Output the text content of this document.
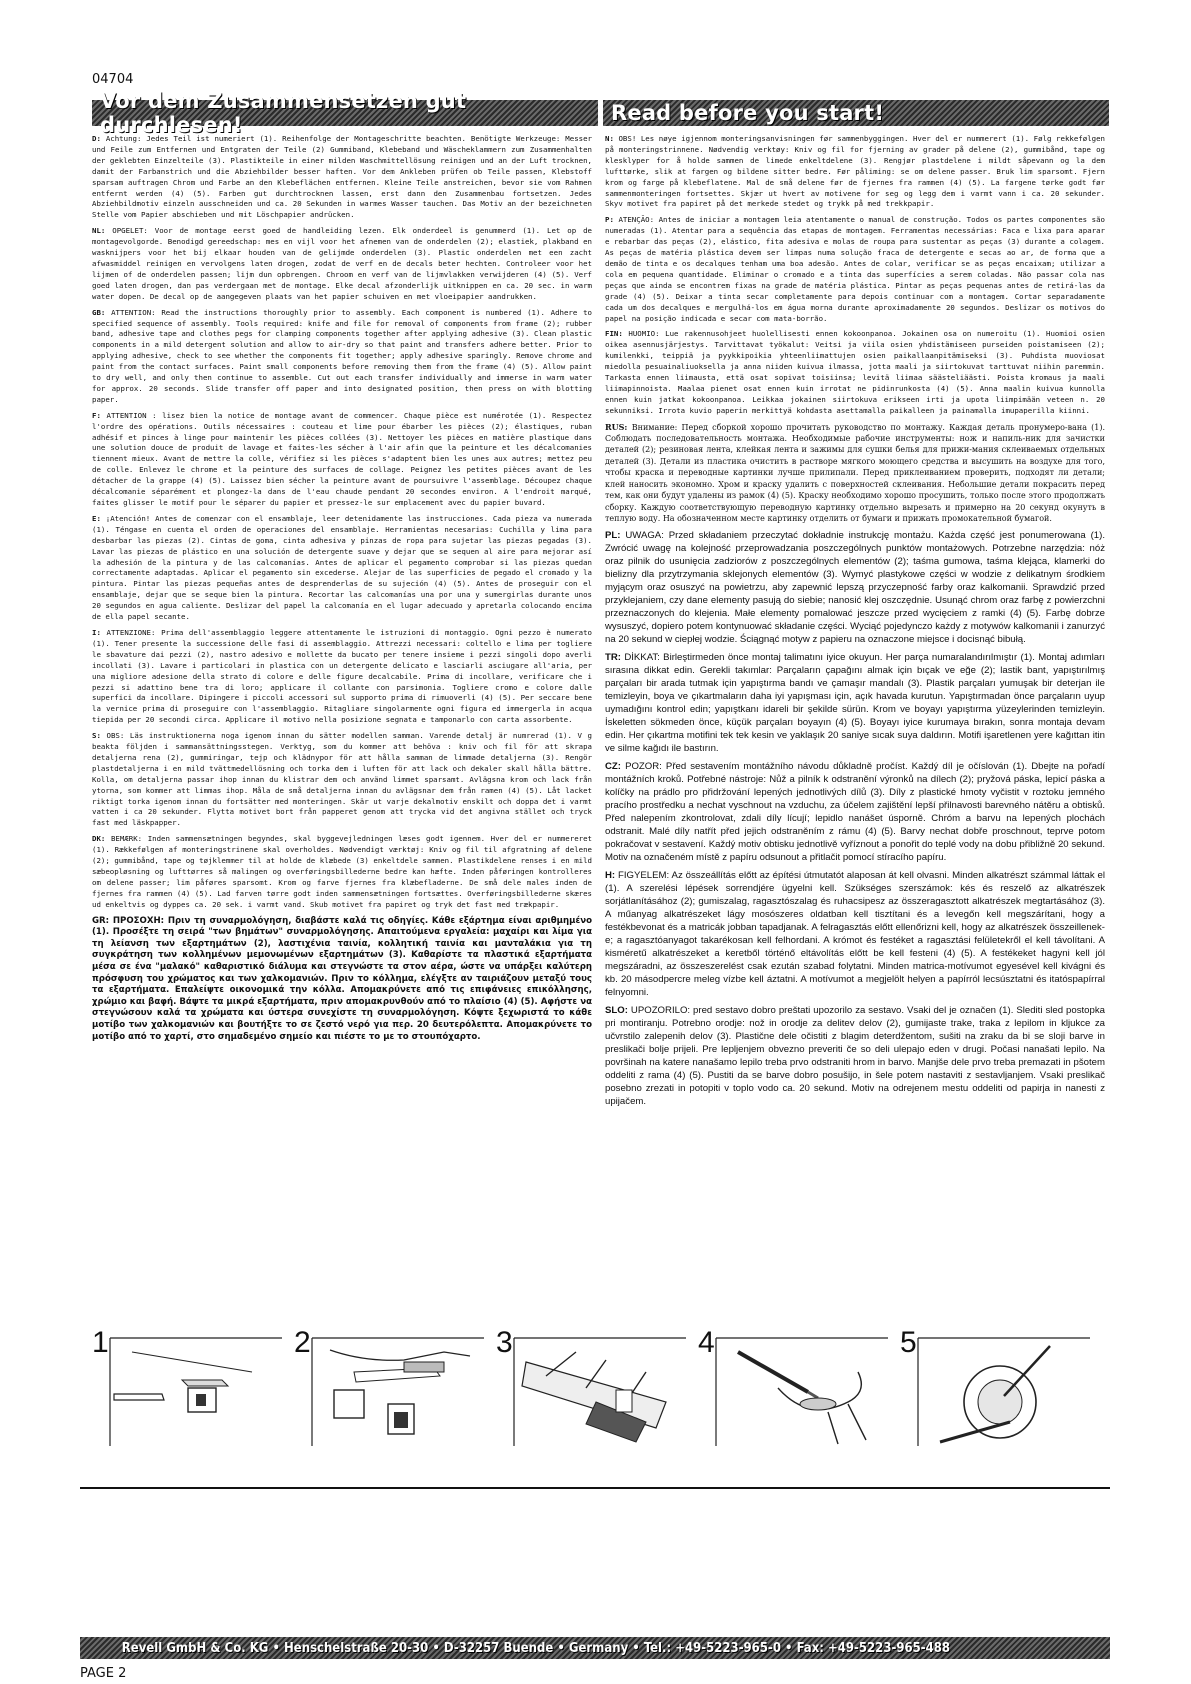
04704
Vor dem Zusammensetzen gut durchlesen!	Read before you start!

D: Achtung: Jedes Teil ist numeriert (1). Reihenfolge der Montageschritte beachten. Benötigte Werkzeuge: Messer und Feile zum Entfernen und Entgraten der Teile (2) Gummiband, Klebeband und Wäscheklammern zum Zusammenhalten der geklebten Einzelteile (3). Plastikteile in einer milden Waschmittellösung reinigen und an der Luft trocknen, damit der Farbanstrich und die Abziehbilder besser haften. Vor dem Ankleben prüfen ob Teile passen, Klebstoff sparsam auftragen Chrom und Farbe an den Klebeflächen entfernen. Kleine Teile anstreichen, bevor sie vom Rahmen entfernt werden (4) (5). Farben gut durchtrocknen lassen, erst dann den Zusammenbau fortsetzen. Jedes Abziehbildmotiv einzeln ausschneiden und ca. 20 Sekunden in warmes Wasser tauchen. Das Motiv an der bezeichneten Stelle vom Papier abschieben und mit Löschpapier andrücken.

NL: OPGELET: Voor de montage eerst goed de handleiding lezen. Elk onderdeel is genummerd (1). Let op de montagevolgorde. Benodigd gereedschap: mes en vijl voor het afnemen van de onderdelen (2); elastiek, plakband en wasknijpers voor het bij elkaar houden van de gelijmde onderdelen (3). Plastic onderdelen met een zacht afwasmiddel reinigen en vervolgens laten drogen, zodat de verf en de decals beter hechten. Controleer voor het lijmen of de onderdelen passen; lijm dun opbrengen. Chroom en verf van de lijmvlakken verwijderen (4) (5). Verf goed laten drogen, dan pas verdergaan met de montage. Elke decal afzonderlijk uitknippen en ca. 20 sec. in warm water dopen. De decal op de aangegeven plaats van het papier schuiven en met vloeipapier aandrukken.

GB: ATTENTION: Read the instructions thoroughly prior to assembly. Each component is numbered (1). Adhere to specified sequence of assembly. Tools required: knife and file for removal of components from frame (2); rubber band, adhesive tape and clothes pegs for clamping components together after applying adhesive (3). Clean plastic components in a mild detergent solution and allow to air-dry so that paint and transfers adhere better. Prior to applying adhesive, check to see whether the components fit together; apply adhesive sparingly. Remove chrome and paint from the contact surfaces. Paint small components before removing them from the frame (4) (5). Allow paint to dry well, and only then continue to assemble. Cut out each transfer individually and immerse in warm water for approx. 20 seconds. Slide transfer off paper and into designated position, then press on with blotting paper.

F: ATTENTION : lisez bien la notice de montage avant de commencer. Chaque pièce est numérotée (1). Respectez l'ordre des opérations. Outils nécessaires : couteau et lime pour ébarber les pièces (2); élastiques, ruban adhésif et pinces à linge pour maintenir les pièces collées (3). Nettoyer les pièces en matière plastique dans une solution douce de produit de lavage et faites-les sécher à l'air afin que la peinture et les décalcomanies tiennent mieux. Avant de mettre la colle, vérifiez si les pièces s'adaptent bien les unes aux autres; mettez peu de colle. Enlevez le chrome et la peinture des surfaces de collage. Peignez les petites pièces avant de les détacher de la grappe (4) (5). Laissez bien sécher la peinture avant de poursuivre l'assemblage. Découpez chaque décalcomanie séparément et plongez-la dans de l'eau chaude pendant 20 secondes environ. A l'endroit marqué, faites glisser le motif pour le séparer du papier et pressez-le sur emplacement avec du papier buvard.

E: ¡Atención! Antes de comenzar con el ensamblaje, leer detenidamente las instrucciones. Cada pieza va numerada (1). Téngase en cuenta el orden de operaciones del ensamblaje. Herramientas necesarias: Cuchilla y lima para desbarbar las piezas (2). Cintas de goma, cinta adhesiva y pinzas de ropa para sujetar las piezas pegadas (3). Lavar las piezas de plástico en una solución de detergente suave y dejar que se sequen al aire para mejorar así la adhesión de la pintura y de las calcomanías. Antes de aplicar el pegamento comprobar si las piezas quedan correctamente adaptadas. Aplicar el pegamento sin excederse. Alejar de las superficies de pegado el cromado y la pintura. Pintar las piezas pequeñas antes de desprenderlas de su sujeción (4) (5). Antes de proseguir con el ensamblaje, dejar que se seque bien la pintura. Recortar las calcomanías una por una y sumergirlas durante unos 20 segundos en agua caliente. Deslizar del papel la calcomanía en el lugar adecuado y apretarla colocando encima de ella papel secante.

I: ATTENZIONE: Prima dell'assemblaggio leggere attentamente le istruzioni di montaggio. Ogni pezzo è numerato (1). Tener presente la successione delle fasi di assemblaggio. Attrezzi necessari: coltello e lima per togliere le sbavature dai pezzi (2), nastro adesivo e mollette da bucato per tenere insieme i pezzi singoli dopo averli incollati (3). Lavare i particolari in plastica con un detergente delicato e lasciarli asciugare all'aria, per una migliore adesione della strato di colore e delle figure decalcabile. Prima di incollare, verificare che i pezzi si adattino bene tra di loro; applicare il collante con parsimonia. Togliere cromo e colore dalle superfici da incollare. Dipingere i piccoli accessori sul supporto prima di rimuoverli (4) (5). Per seccare bene la vernice prima di proseguire con l'assemblaggio. Ritagliare singolarmente ogni figura ed immergerla in acqua tiepida per 20 secondi circa. Applicare il motivo nella posizione segnata e tamponarlo con carta assorbente.

S: OBS: Läs instruktionerna noga igenom innan du sätter modellen samman. Varende detalj är numrerad (1). V g beakta följden i sammansättningsstegen. Verktyg, som du kommer att behöva : kniv och fil för att skrapa detaljerna rena (2), gummiringar, tejp och klädnypor för att hålla samman de limmade detaljerna (3). Rengör plastdetaljerna i en mild tvättmedellösning och torka dem i luften för att lack och dekaler skall hålla bättre. Kolla, om detaljerna passar ihop innan du klistrar dem och använd limmet sparsamt. Avlägsna krom och lack från ytorna, som kommer att limmas ihop. Måla de små detaljerna innan du avlägsnar dem från ramen (4) (5). Låt lacket riktigt torka igenom innan du fortsätter med monteringen. Skär ut varje dekalmotiv enskilt och doppa det i varmt vatten i ca 20 sekunder. Flytta motivet bort från papperet genom att trycka vid det angivna stället och tryck fast med läskpapper.

DK: BEMÆRK: Inden sammensætningen begyndes, skal byggevejledningen læses godt igennem. Hver del er nummereret (1). Rækkefølgen af monteringstrinene skal overholdes. Nødvendigt værktøj: Kniv og fil til afgratning af delene (2); gummibånd, tape og tøjklemmer til at holde de klæbede (3) enkeltdele sammen. Plastikdelene renses i en mild sæbeopløsning og lufttørres så malingen og overføringsbillederne bedre kan hæfte. Inden påføringen kontrolleres om delene passer; lim påføres sparsomt. Krom og farve fjernes fra klæbefladerne. De små dele males inden de fjernes fra rammen (4) (5). Lad farven tørre godt inden sammensætningen fortsættes. Overføringsbillederne skæres ud enkeltvis og dyppes ca. 20 sek. i varmt vand. Skub motivet fra papiret og tryk det fast med trækpapir.

GR: ΠΡΟΣΟΧΗ: Πριν τη συναρμολόγηση, διαβάστε καλά τις οδηγίες. Κάθε εξάρτημα είναι αριθμημένο (1). Προσέξτε τη σειρά "των βημάτων" συναρμολόγησης. Απαιτούμενα εργαλεία: μαχαίρι και λίμα για τη λείανση των εξαρτημάτων (2), λαστιχένια ταινία, κολλητική ταινία και μανταλάκια για τη συγκράτηση των κολλημένων μεμονωμένων εξαρτημάτων (3). Καθαρίστε τα πλαστικά εξαρτήματα μέσα σε ένα "μαλακό" καθαριστικό διάλυμα και στεγνώστε τα στον αέρα, ώστε να υπάρξει καλύτερη πρόσφυση του χρώματος και των χαλκομανιών. Πριν το κόλλημα, ελέγξτε αν ταιριάζουν μεταξύ τους τα εξαρτήματα. Επαλείψτε οικονομικά την κόλλα. Απομακρύνετε από τις επιφάνειες επικόλλησης, χρώμιο και βαφή. Βάψτε τα μικρά εξαρτήματα, πριν απομακρυνθούν από το πλαίσιο (4) (5). Αφήστε να στεγνώσουν καλά τα χρώματα και ύστερα συνεχίστε τη συναρμολόγηση. Κόψτε ξεχωριστά το κάθε μοτίβο των χαλκομανιών και βουτήξτε το σε ζεστό νερό για περ. 20 δευτερόλεπτα. Απομακρύνετε το μοτίβο από το χαρτί, στο σημαδεμένο σημείο και πιέστε το με το στουπόχαρτο.

N: OBS! Les nøye igjennom monteringsanvisningen før sammenbyggingen. Hver del er nummerert (1). Følg rekkefølgen på monteringstrinnene. Nødvendig verktøy: Kniv og fil for fjerning av grader på delene (2), gummibånd, tape og klesklyper for å holde sammen de limede enkeltdelene (3). Rengjør plastdelene i mildt såpevann og la dem lufttørke, slik at fargen og bildene sitter bedre. Før påliming: se om delene passer. Bruk lim sparsomt. Fjern krom og farge på klebeflatene. Mal de små delene før de fjernes fra rammen (4) (5). La fargene tørke godt før sammenmonteringen fortsettes. Skjær ut hvert av motivene for seg og legg dem i varmt vann i ca. 20 sekunder. Skyv motivet fra papiret på det merkede stedet og trykk på med trekkpapir.

P: ATENÇÃO: Antes de iniciar a montagem leia atentamente o manual de construção. Todos os partes componentes são numeradas (1). Atentar para a sequência das etapas de montagem. Ferramentas necessárias: Faca e lixa para aparar e rebarbar das peças (2), elástico, fita adesiva e molas de roupa para sustentar as peças (3) durante a colagem. As peças de matéria plástica devem ser limpas numa solução fraca de detergente e secas ao ar, de forma que a demão de tinta e os decalques tenham uma boa adesão. Antes de colar, verificar se as peças encaixam; utilizar a cola em pequena quantidade. Eliminar o cromado e a tinta das superfícies a serem coladas. Não passar cola nas peças que ainda se encontrem fixas na grade de matéria plástica. Pintar as peças pequenas antes de retirá-las da grade (4) (5). Deixar a tinta secar completamente para depois continuar com a montagem. Cortar separadamente cada um dos decalques e mergulhá-los em água morna durante aproximadamente 20 segundos. Deslizar os motivos do papel na posição indicada e secar com mata-borrão.

FIN: HUOMIO: Lue rakennusohjeet huolellisesti ennen kokoonpanoa. Jokainen osa on numeroitu (1). Huomioi osien oikea asennusjärjestys. Tarvittavat työkalut: Veitsi ja viila osien yhdistämiseen purseiden poistamiseen (2); kumilenkki, teippiä ja pyykkipoikia yhteenliimattujen osien paikallaanpitämiseksi (3). Puhdista muoviosat miedolla pesuainaliuoksella ja anna niiden kuivua ilmassa, jotta maali ja siirtokuvat tarttuvat niihin paremmin. Tarkasta ennen liimausta, että osat sopivat toisiinsa; levitä liimaa säästeliäästi. Poista kromaus ja maali liimapinnoista. Maalaa pienet osat ennen kuin irrotat ne pidinrunkosta (4) (5). Anna maalin kuivua kunnolla ennen kuin jatkat kokoonpanoa. Leikkaa jokainen siirtokuva erikseen irti ja upota liimpimään veteen n. 20 sekunniksi. Irrota kuvio paperin merkittyä kohdasta asettamalla paikalleen ja painamalla imupaperilla kiinni.

RUS: Внимание: Перед сборкой хорошо прочитать руководство по монтажу. Каждая деталь пронумеро-вана (1). Соблюдать последовательность монтажа. Необходимые рабочие инструменты: нож и напиль-ник для зачистки деталей (2); резиновая лента, клейкая лента и зажимы для сушки белья для прижи-мания склеиваемых отдельных деталей (3). Детали из пластика очистить в растворе мягкого моющего средства и высушить на воздухе для того, чтобы краска и переводные картинки лучше прилипали. Перед приклеиванием проверить, подходят ли детали; клей наносить экономно. Хром и краску удалить с поверхностей склеивания. Небольшие детали покрасить перед тем, как они будут удалены из рамок (4) (5). Краску необходимо хорошо просушить, только после этого продолжать сборку. Каждую соответствующую переводную картинку отдельно вырезать и примерно на 20 секунд окунуть в теплую воду. На обозначенном месте картинку отделить от бумаги и прижать промокательной бумагой.

PL: UWAGA: Przed składaniem przeczytać dokładnie instrukcję montażu. Każda część jest ponumerowana (1). Zwrócić uwagę na kolejność przeprowadzania poszczególnych punktów montażowych. Potrzebne narzędzia: nóż oraz pilnik do usunięcia zadziorów z poszczególnych elementów (2); taśma gumowa, taśma klejąca, klamerki do bielizny dla przytrzymania sklejonych elementów (3). Wymyć plastykowe części w wodzie z delikatnym środkiem myjącym oraz osuszyć na powietrzu, aby zapewnić lepszą przyczepność farby oraz kalkomanii. Sprawdzić przed przyklejaniem, czy dane elementy pasują do siebie; nanosić klej oszczędnie. Usunąć chrom oraz farbę z powierzchni przeznaczonych do klejenia. Małe elementy pomalować jeszcze przed wycięciem z ramki (4) (5). Farbę dobrze wysuszyć, dopiero potem kontynuować składanie części. Wyciąć pojedynczo każdy z motywów kalkomanii i zanurzyć na 20 sekund w ciepłej wodzie. Ściągnąć motyw z papieru na oznaczone miejsce i docisnąć bibułą.

TR: DİKKAT: Birleştirmeden önce montaj talimatını iyice okuyun. Her parça numaralandırılmıştır (1). Montaj adımları sırasına dikkat edin. Gerekli takımlar: Parçaların çapağını almak için bıçak ve eğe (2); lastik bant, yapıştırılmış parçaları bir arada tutmak için yapıştırma bandı ve çamaşır mandalı (3). Plastik parçaları yumuşak bir deterjan ile temizleyin, boya ve çıkartmaların daha iyi yapışması için, açık havada kurutun. Yapıştırmadan önce parçaların uyup uymadığını kontrol edin; yapıştkanı idareli bir şekilde sürün. Krom ve boyayı yapıştırma yüzeylerinden temizleyin. İskeletten sökmeden önce, küçük parçaları boyayın (4) (5). Boyayı iyice kurumaya bırakın, sonra montaja devam edin. Her çıkartma motifini tek tek kesin ve yaklaşık 20 saniye sıcak suya daldırın. Motifi işaretlenen yere kağıttan itin ve silme kağıdı ile bastırın.

CZ: POZOR: Před sestavením montážního návodu důkladně pročíst. Každý díl je očíslován (1). Dbejte na pořadí montážních kroků. Potřebné nástroje: Nůž a pilník k odstranění výronků na dílech (2); pryžová páska, lepicí páska a kolíčky na prádlo pro přidržování lepených jednotlivých dílů (3). Díly z plastické hmoty vyčistit v roztoku jemného pracího prostředku a nechat vyschnout na vzduchu, za účelem zajištění lepší přilnavosti barevného nátěru a obtisků. Před nalepením zkontrolovat, zdali díly lícují; lepidlo nanášet úsporně. Chróm a barvu na lepených plochách odstranit. Malé díly natřít před jejich odstraněním z rámu (4) (5). Barvy nechat dobře proschnout, teprve potom pokračovat v sestavení. Každý motiv obtisku jednotlivě vyříznout a ponořit do teplé vody na dobu přibližně 20 sekund. Motiv na označeném místě z papíru odsunout a přitlačit pomocí stíracího papíru.

H: FIGYELEM: Az összeállítás előtt az építési útmutatót alaposan át kell olvasni. Minden alkatrészt számmal láttak el (1). A szerelési lépések sorrendjére ügyelni kell. Szükséges szerszámok: kés és reszelő az alkatrészek sorjátlanításához (2); gumiszalag, ragasztószalag és ruhacsipesz az összeragasztott alkatrészek megtartásához (3). A műanyag alkatrészeket lágy mosószeres oldatban kell tisztítani és a levegőn kell megszárítani, hogy a festékbevonat és a matricák jobban tapadjanak. A felragasztás előtt ellenőrizni kell, hogy az alkatrészek összeillenek-e; a ragasztóanyagot takarékosan kell felhordani. A krómot és festéket a ragasztási felületekről el kell távolítani. A kisméretű alkatrészeket a keretből történő eltávolítás előtt be kell festeni (4) (5). A festékeket hagyni kell jól megszáradni, az összeszerelést csak ezután szabad folytatni. Minden matrica-motívumot egyesével kell kivágni és kb. 20 másodpercre meleg vízbe kell áztatni. A motívumot a megjelölt helyen a papírról lecsúsztatni és itatóspapírral felnyomni.

SLO: UPOZORILO: pred sestavo dobro preštati upozorilo za sestavo. Vsaki del je označen (1). Slediti sled postopka pri montiranju. Potrebno orodje: nož in orodje za delitev delov (2), gumijaste trake, traka z lepilom in kljukce za učvrstilo zalepenih delov (3). Plastične dele očistiti z blagim deterdžentom, sušiti na zraku da bi se sloji barve in preslikači bolje prijeli. Pre lepljenjem obvezno preveriti če so deli ulepajo eden v drugi. Počasi nanašati lepilo. Na površinah na katere nanašamo lepilo treba prvo odstraniti hrom in barvo. Manjše dele prvo treba premazati in pšotem oddeliti z rama (4) (5). Pustiti da se barve dobro posušijo, in šele potem nastaviti z sestavljanjem. Vsaki preslikač posebno zrezati in potopiti v toplo vodo ca. 20 sekund. Motiv na odrejenem mestu oddeliti od papirja in nanesti z upijačem.

1	2	3	4	5
Revell GmbH & Co. KG • Henschelstraße 20-30 • D-32257 Buende • Germany • Tel.: +49-5223-965-0 • Fax: +49-5223-965-488
PAGE 2
